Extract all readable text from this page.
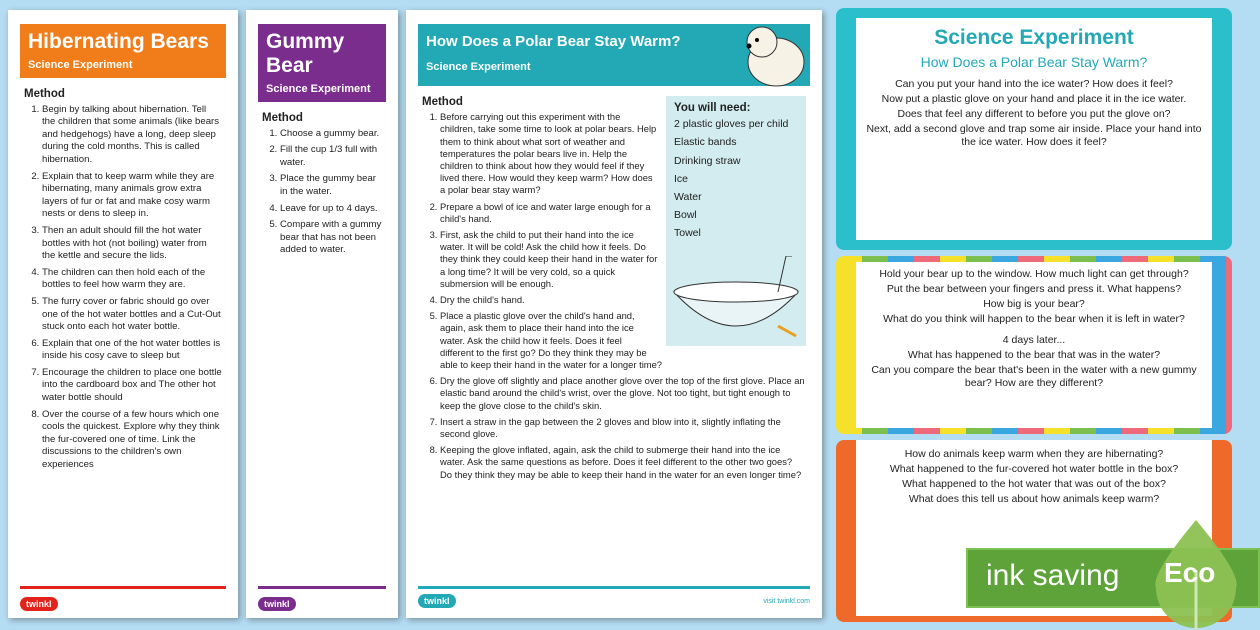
Hibernating Bears
Science Experiment
Method
1. Begin by talking about hibernation. Tell the children that some animals (like bears and hedgehogs) have a long, deep sleep during the cold months. This is called hibernation.
2. Explain that to keep warm while they are hibernating, many animals grow extra layers of fur or fat and make cosy warm nests or dens to sleep in.
3. Then an adult should fill the hot water bottles with hot (not boiling) water from the kettle and secure the lids.
4. The children can then hold each of the bottles to feel how warm they are.
5. The furry cover or fabric should go over one of the hot water bottles and a Cut-Out stuck onto each hot water bottle.
6. Explain that one of the hot water bottles is inside his cosy cave to sleep but
7. Encourage the children to place one bottle into the cardboard box and The other hot water bottle should
8. Over the course of a few hours which one cools the quickest. Explore why they think the fur-covered one of time. Link the discussions to the children's own experiences
twinkl
Gummy Bear
Science Experiment
Method
1. Choose a gummy bear.
2. Fill the cup 1/3 full with water.
3. Place the gummy bear in the water.
4. Leave for up to 4 days.
5. Compare with a gummy bear that has not been added to water.
twinkl
How Does a Polar Bear Stay Warm?
Science Experiment
You will need:
2 plastic gloves per child
Elastic bands
Drinking straw
Ice
Water
Bowl
Towel
Method
1. Before carrying out this experiment with the children, take some time to look at polar bears. Help them to think about what sort of weather and temperatures the polar bears live in. Help the children to think about how they would feel if they lived there. How would they keep warm? How does a polar bear stay warm?
2. Prepare a bowl of ice and water large enough for a child's hand.
3. First, ask the child to put their hand into the ice water. It will be cold! Ask the child how it feels. Do they think they could keep their hand in the water for a long time? It will be very cold, so a quick submersion will be enough.
4. Dry the child's hand.
5. Place a plastic glove over the child's hand and, again, ask them to place their hand into the ice water. Ask the child how it feels. Does it feel different to the first go? Do they think they may be able to keep their hand in the water for a longer time?
6. Dry the glove off slightly and place another glove over the top of the first glove. Place an elastic band around the child's wrist, over the glove. Not too tight, but tight enough to keep the glove close to the child's skin.
7. Insert a straw in the gap between the 2 gloves and blow into it, slightly inflating the second glove.
8. Keeping the glove inflated, again, ask the child to submerge their hand into the ice water. Ask the same questions as before. Does it feel different to the other two goes? Do they think they may be able to keep their hand in the water for an even longer time?
twinkl	visit twinkl.com
Science Experiment
How Does a Polar Bear Stay Warm?
Can you put your hand into the ice water? How does it feel?
Now put a plastic glove on your hand and place it in the ice water.
Does that feel any different to before you put the glove on?
Next, add a second glove and trap some air inside. Place your hand into the ice water. How does it feel?
Hold your bear up to the window. How much light can get through?
Put the bear between your fingers and press it. What happens?
How big is your bear?
What do you think will happen to the bear when it is left in water?
4 days later...
What has happened to the bear that was in the water?
Can you compare the bear that's been in the water with a new gummy bear? How are they different?
How do animals keep warm when they are hibernating?
What happened to the fur-covered hot water bottle in the box?
What happened to the hot water that was out of the box?
What does this tell us about how animals keep warm?
ink saving	Eco
